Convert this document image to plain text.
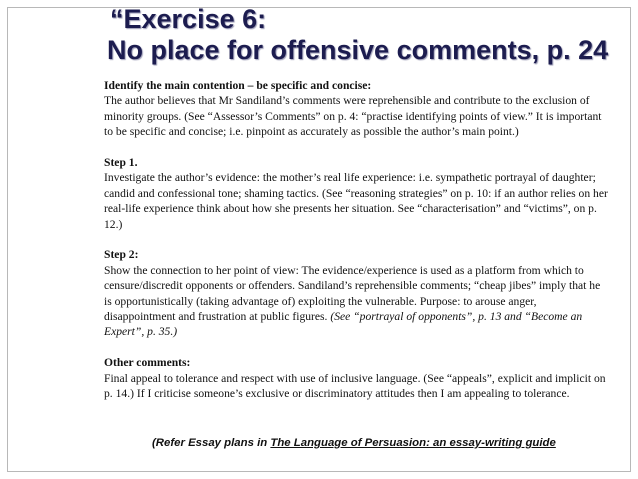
“Exercise 6:
No place for offensive comments, p. 24

Identify the main contention – be specific and concise:
The author believes that Mr Sandiland’s comments were reprehensible and contribute to the exclusion of minority groups. (See “Assessor’s Comments” on p. 4: “practise identifying points of view.” It is important to be specific and concise; i.e. pinpoint as accurately as possible the author’s main point.)

Step 1.
Investigate the author’s evidence: the mother’s real life experience: i.e. sympathetic portrayal of daughter; candid and confessional tone; shaming tactics. (See “reasoning strategies” on p. 10: if an author relies on her real-life experience think about how she presents her situation. See “characterisation” and “victims”, on p. 12.)

Step 2:
Show the connection to her point of view: The evidence/experience is used as a platform from which to censure/discredit opponents or offenders. Sandiland’s reprehensible comments; “cheap jibes” imply that he is opportunistically (taking advantage of) exploiting the vulnerable. Purpose: to arouse anger, disappointment and frustration at public figures. (See “portrayal of opponents”, p. 13 and “Become an Expert”, p. 35.)

Other comments:
Final appeal to tolerance and respect with use of inclusive language. (See “appeals”, explicit and implicit on p. 14.) If I criticise someone’s exclusive or discriminatory attitudes then I am appealing to tolerance.

(Refer Essay plans in The Language of Persuasion: an essay-writing guide
